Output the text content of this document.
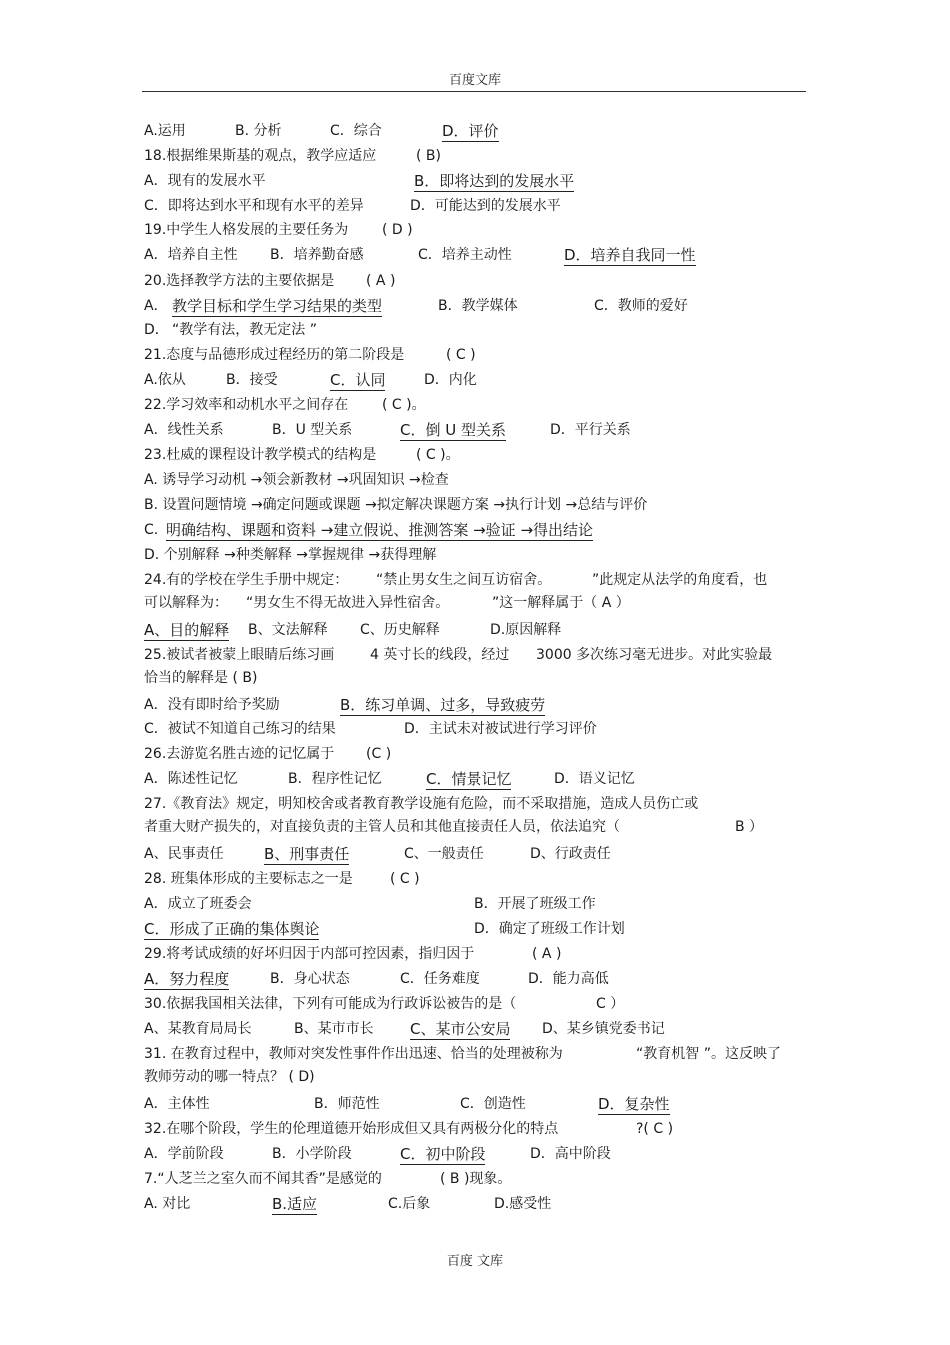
百度文库
A.运用	B. 分析	C．综合	D．评价
18.根据维果斯基的观点，教学应适应	( B)
A．现有的发展水平	B．即将达到的发展水平
C．即将达到水平和现有水平的差异	D．可能达到的发展水平
19.中学生人格发展的主要任务为 ( D )
A．培养自主性 B．培养勤奋感	C．培养主动性	D．培养自我同一性
20.选择教学方法的主要依据是 ( A )
A． 教学目标和学生学习结果的类型	B．教学媒体	C．教师的爱好
D． “教学有法，教无定法 ”
21.态度与品德形成过程经历的第二阶段是	( C )
A.依从	B．接受	C．认同	D．内化
22.学习效率和动机水平之间存在 ( C )。
A．线性关系	B．U 型关系	C．倒 U 型关系	D．平行关系
23.杜威的课程设计教学模式的结构是	( C )。
A. 诱导学习动机 →领会新教材 →巩固知识 →检查
B. 设置问题情境 →确定问题或课题 →拟定解决课题方案 →执行计划 →总结与评价
C. 明确结构、课题和资料 →建立假说、推测答案 →验证 →得出结论
D. 个别解释 →种类解释 →掌握规律 →获得理解
24.有的学校在学生手册中规定： “禁止男女生之间互访宿舍。	”此规定从法学的角度看，也
可以解释为： “男女生不得无故进入异性宿舍。	”这一解释属于（ A ）
A、目的解释 B、文法解释 C、历史解释	D.原因解释
25.被试者被蒙上眼睛后练习画	4 英寸长的线段，经过 3000 多次练习毫无进步。对此实验最
恰当的解释是 ( B)
A．没有即时给予奖励	B．练习单调、过多，导致疲劳
C．被试不知道自己练习的结果	D．主试未对被试进行学习评价
26.去游览名胜古迹的记忆属于 (C )
A．陈述性记忆	B．程序性记忆	C．情景记忆	D．语义记忆
27.《教育法》规定，明知校舍或者教育教学设施有危险，而不采取措施，造成人员伤亡或
者重大财产损失的，对直接负责的主管人员和其他直接责任人员，依法追究（	B ）
A、民事责任	B、刑事责任	C、一般责任	D、行政责任
28. 班集体形成的主要标志之一是	( C )
A．成立了班委会	B．开展了班级工作
C．形成了正确的集体舆论	D．确定了班级工作计划
29.将考试成绩的好坏归因于内部可控因素，指归因于	( A )
A．努力程度	B．身心状态	C．任务难度	D．能力高低
30.依据我国相关法律，下列有可能成为行政诉讼被告的是（	C ）
A、某教育局局长	B、某市市长 C、某市公安局 D、某乡镇党委书记
31. 在教育过程中，教师对突发性事件作出迅速、恰当的处理被称为	“教育机智 ”。这反映了
教师劳动的哪一特点？ ( D)
A．主体性	B．师范性	C．创造性	D．复杂性
32.在哪个阶段，学生的伦理道德开始形成但又具有两极分化的特点	?( C )
A．学前阶段	B．小学阶段	C．初中阶段	D．高中阶段
7.“人芝兰之室久而不闻其香”是感觉的	( B )现象。
A. 对比	B.适应	C.后象	D.感受性
百度 文库
